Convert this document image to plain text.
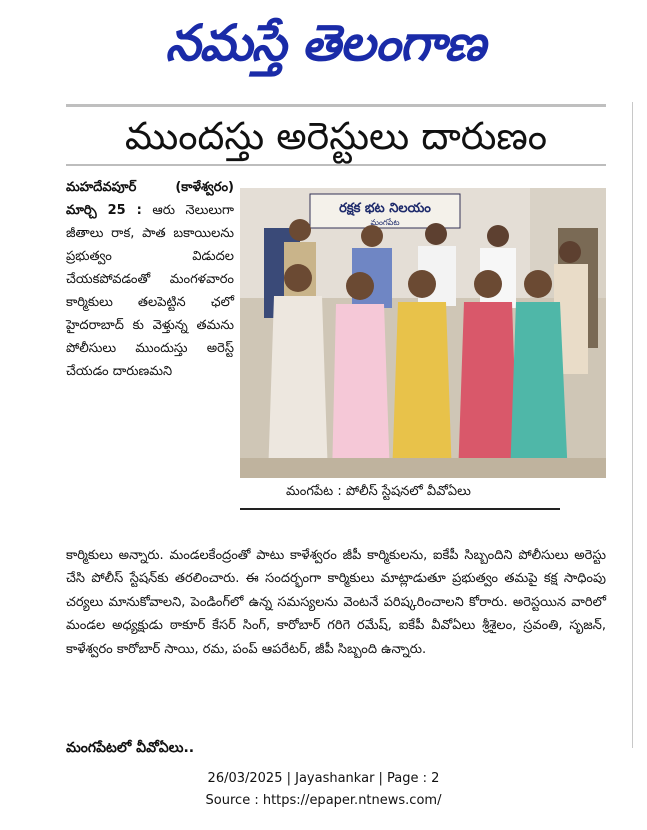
నమస్తే తెలంగాణ
ముందస్తు అరెస్టులు దారుణం
మహదేవపూర్ (కాళేశ్వరం) మార్చి 25 : ఆరు నెలులుగా జీతాలు రాక, పాత బకాయిలను ప్రభుత్వం విడుదల చేయకపోవడంతో మంగళవారం కార్మికులు తలపెట్టిన ఛలో హైదరాబాద్ కు వెళ్తున్న తమను పోలీసులు ముందుస్తు అరెస్ట్ చేయడం దారుణమని
రక్షక భట నిలయం
మంగపేట
మంగపేట : పోలీస్ స్టేషనలో వీవోఏలు
కార్మికులు అన్నారు. మండలకేంద్రంతో పాటు కాళేశ్వరం జీపీ కార్మికులను, ఐకేపీ సిబ్బందిని పోలీసులు అరెస్టు చేసి పోలీస్ స్టేషన్‌కు తరలించారు. ఈ సందర్భంగా కార్మికులు మాట్లాడుతూ ప్రభుత్వం తమపై కక్ష సాధింపు చర్యలు మానుకోవాలని, పెండింగ్‌లో ఉన్న సమస్యలను వెంటనే పరిష్కరించాలని కోరారు. అరెస్టయిన వారిలో మండల అధ్యక్షుడు ఠాకూర్ కేసర్ సింగ్, కారోబార్ గరిగె రమేష్, ఐకేపీ వీవోఏలు శ్రీశైలం, స్రవంతి, సృజన్, కాళేశ్వరం కారోబార్ సాయి, రమ, పంప్ ఆపరేటర్, జీపీ సిబ్బంది ఉన్నారు.
మంగపేటలో వీవోఏలు..
26/03/2025 | Jayashankar | Page : 2
Source : https://epaper.ntnews.com/
